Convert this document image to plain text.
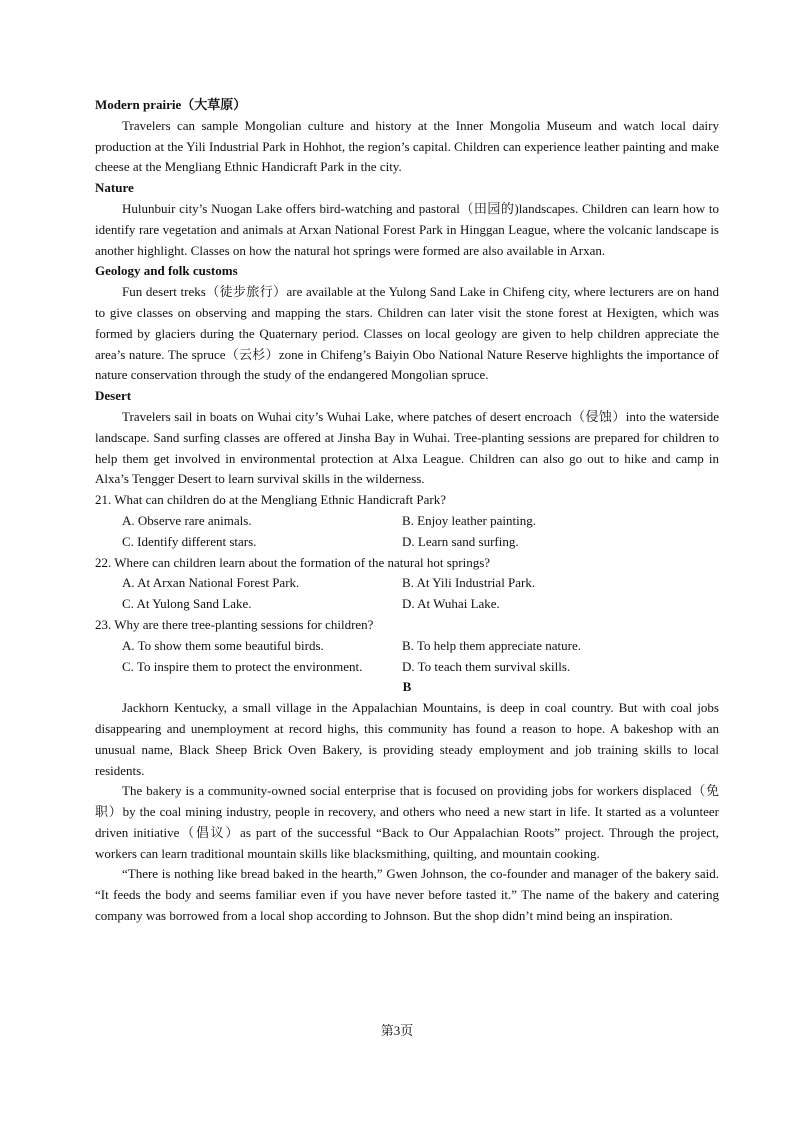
Modern prairie（大草原）

Travelers can sample Mongolian culture and history at the Inner Mongolia Museum and watch local dairy production at the Yili Industrial Park in Hohhot, the region’s capital. Children can experience leather painting and make cheese at the Mengliang Ethnic Handicraft Park in the city.

Nature

Hulunbuir city’s Nuogan Lake offers bird-watching and pastoral（田园的)landscapes. Children can learn how to identify rare vegetation and animals at Arxan National Forest Park in Hinggan League, where the volcanic landscape is another highlight. Classes on how the natural hot springs were formed are also available in Arxan.

Geology and folk customs

Fun desert treks（徒步旅行）are available at the Yulong Sand Lake in Chifeng city, where lecturers are on hand to give classes on observing and mapping the stars. Children can later visit the stone forest at Hexigten, which was formed by glaciers during the Quaternary period. Classes on local geology are given to help children appreciate the area’s nature. The spruce（云杉）zone in Chifeng’s Baiyin Obo National Nature Reserve highlights the importance of nature conservation through the study of the endangered Mongolian spruce.

Desert

Travelers sail in boats on Wuhai city’s Wuhai Lake, where patches of desert encroach（侵蚀）into the waterside landscape. Sand surfing classes are offered at Jinsha Bay in Wuhai. Tree-planting sessions are prepared for children to help them get involved in environmental protection at Alxa League. Children can also go out to hike and camp in Alxa’s Tengger Desert to learn survival skills in the wilderness.

21. What can children do at the Mengliang Ethnic Handicraft Park?

A. Observe rare animals.	B. Enjoy leather painting.
C. Identify different stars.	D. Learn sand surfing.

22. Where can children learn about the formation of the natural hot springs?

A. At Arxan National Forest Park.	B. At Yili Industrial Park.
C. At Yulong Sand Lake.	D. At Wuhai Lake.

23. Why are there tree-planting sessions for children?

A. To show them some beautiful birds.	B. To help them appreciate nature.
C. To inspire them to protect the environment.	D. To teach them survival skills.

B

Jackhorn Kentucky, a small village in the Appalachian Mountains, is deep in coal country. But with coal jobs disappearing and unemployment at record highs, this community has found a reason to hope. A bakeshop with an unusual name, Black Sheep Brick Oven Bakery, is providing steady employment and job training skills to local residents.

The bakery is a community-owned social enterprise that is focused on providing jobs for workers displaced（免职）by the coal mining industry, people in recovery, and others who need a new start in life. It started as a volunteer driven initiative（倡议）as part of the successful “Back to Our Appalachian Roots” project. Through the project, workers can learn traditional mountain skills like blacksmithing, quilting, and mountain cooking.

“There is nothing like bread baked in the hearth,” Gwen Johnson, the co-founder and manager of the bakery said. “It feeds the body and seems familiar even if you have never before tasted it.” The name of the bakery and catering company was borrowed from a local shop according to Johnson. But the shop didn’t mind being an inspiration.

第3页
